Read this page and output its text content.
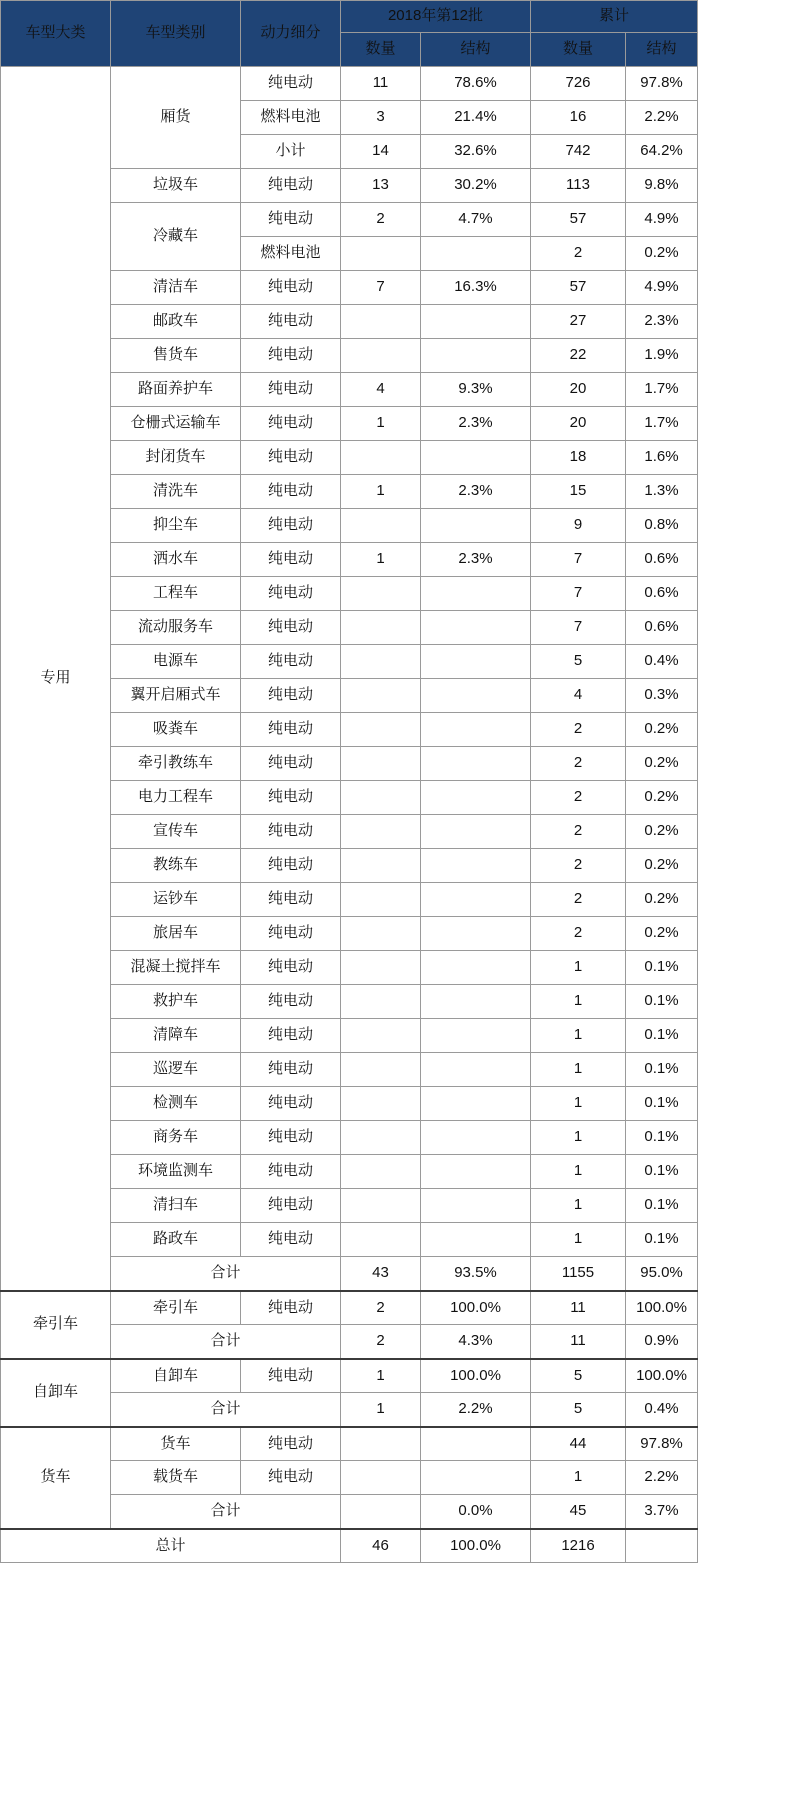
车型大类	车型类别	动力细分	2018年第12批		累计	
			数量	结构	数量	结构
专用	厢货	纯电动	11	78.6%	726	97.8%
		燃料电池	3	21.4%	16	2.2%
		小计	14	32.6%	742	64.2%
	垃圾车	纯电动	13	30.2%	113	9.8%
	冷藏车	纯电动	2	4.7%	57	4.9%
		燃料电池			2	0.2%
	清洁车	纯电动	7	16.3%	57	4.9%
	邮政车	纯电动			27	2.3%
	售货车	纯电动			22	1.9%
	路面养护车	纯电动	4	9.3%	20	1.7%
	仓栅式运输车	纯电动	1	2.3%	20	1.7%
	封闭货车	纯电动			18	1.6%
	清洗车	纯电动	1	2.3%	15	1.3%
	抑尘车	纯电动			9	0.8%
	洒水车	纯电动	1	2.3%	7	0.6%
	工程车	纯电动			7	0.6%
	流动服务车	纯电动			7	0.6%
	电源车	纯电动			5	0.4%
	翼开启厢式车	纯电动			4	0.3%
	吸粪车	纯电动			2	0.2%
	牵引教练车	纯电动			2	0.2%
	电力工程车	纯电动			2	0.2%
	宣传车	纯电动			2	0.2%
	教练车	纯电动			2	0.2%
	运钞车	纯电动			2	0.2%
	旅居车	纯电动			2	0.2%
	混凝土搅拌车	纯电动			1	0.1%
	救护车	纯电动			1	0.1%
	清障车	纯电动			1	0.1%
	巡逻车	纯电动			1	0.1%
	检测车	纯电动			1	0.1%
	商务车	纯电动			1	0.1%
	环境监测车	纯电动			1	0.1%
	清扫车	纯电动			1	0.1%
	路政车	纯电动			1	0.1%
	合计		43	93.5%	1155	95.0%
牵引车	牵引车	纯电动	2	100.0%	11	100.0%
	合计		2	4.3%	11	0.9%
自卸车	自卸车	纯电动	1	100.0%	5	100.0%
	合计		1	2.2%	5	0.4%
货车	货车	纯电动			44	97.8%
	载货车	纯电动			1	2.2%
	合计			0.0%	45	3.7%
总计			46	100.0%	1216	
